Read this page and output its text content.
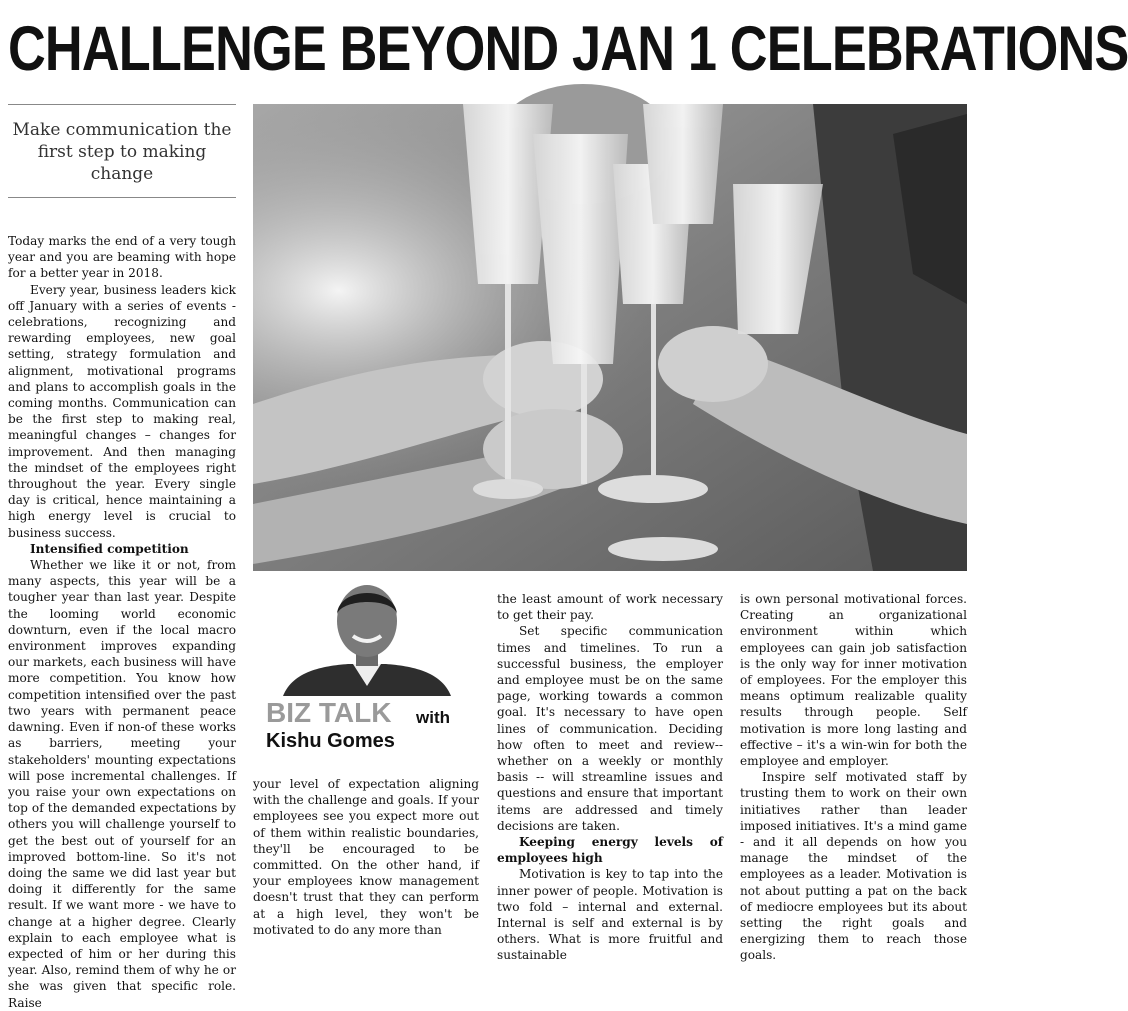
CHALLENGE BEYOND JAN 1 CELEBRATIONS
Make communication the first step to making change
BIZ TALK with
Kishu Gomes

Today marks the end of a very tough year and you are beaming with hope for a better year in 2018.

Every year, business leaders kick off January with a series of events - celebrations, recognizing and rewarding employees, new goal setting, strategy formulation and alignment, motivational programs and plans to accomplish goals in the coming months. Communication can be the first step to making real, meaningful changes – changes for improvement. And then managing the mindset of the employees right throughout the year. Every single day is critical, hence maintaining a high energy level is crucial to business success.

Intensified competition

Whether we like it or not, from many aspects, this year will be a tougher year than last year. Despite the looming world economic downturn, even if the local macro environment improves expanding our markets, each business will have more competition. You know how competition intensified over the past two years with permanent peace dawning. Even if non-of these works as barriers, meeting your stakeholders' mounting expectations will pose incremental challenges. If you raise your own expectations on top of the demanded expectations by others you will challenge yourself to get the best out of yourself for an improved bottom-line. So it's not doing the same we did last year but doing it differently for the same result. If we want more - we have to change at a higher degree. Clearly explain to each employee what is expected of him or her during this year. Also, remind them of why he or she was given that specific role. Raise

your level of expectation aligning with the challenge and goals. If your employees see you expect more out of them within realistic boundaries, they'll be encouraged to be committed. On the other hand, if your employees know management doesn't trust that they can perform at a high level, they won't be motivated to do any more than

the least amount of work necessary to get their pay.

Set specific communication times and timelines. To run a successful business, the employer and employee must be on the same page, working towards a common goal. It's necessary to have open lines of communication. Deciding how often to meet and review--whether on a weekly or monthly basis -- will streamline issues and questions and ensure that important items are addressed and timely decisions are taken.

Keeping energy levels of employees high

Motivation is key to tap into the inner power of people. Motivation is two fold – internal and external. Internal is self and external is by others. What is more fruitful and sustainable

is own personal motivational forces. Creating an organizational environment within which employees can gain job satisfaction is the only way for inner motivation of employees. For the employer this means optimum realizable quality results through people. Self motivation is more long lasting and effective – it's a win-win for both the employee and employer.

Inspire self motivated staff by trusting them to work on their own initiatives rather than leader imposed initiatives. It's a mind game - and it all depends on how you manage the mindset of the employees as a leader. Motivation is not about putting a pat on the back of mediocre employees but its about setting the right goals and energizing them to reach those goals.
